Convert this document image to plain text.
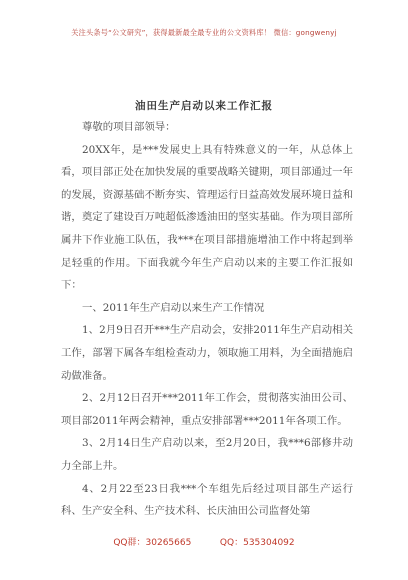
关注头条号“公文研究”，获得最新最全最专业的公文资料库！ 微信：gongwenyj
油田生产启动以来工作汇报

尊敬的项目部领导：

20XX年，是***发展史上具有特殊意义的一年，从总体上看，项目部正处在加快发展的重要战略关键期，项目部通过一年的发展，资源基础不断夯实、管理运行日益高效发展环境日益和谐，奠定了建设百万吨超低渗透油田的坚实基础。作为项目部所属井下作业施工队伍，我***在项目部措施增油工作中将起到举足轻重的作用。下面我就今年生产启动以来的主要工作汇报如下：

一、2011年生产启动以来生产工作情况

1、2月9日召开***生产启动会，安排2011年生产启动相关工作，部署下属各车组检查动力，领取施工用料，为全面措施启动做准备。

2、2月12日召开***2011年工作会，贯彻落实油田公司、项目部2011年两会精神，重点安排部署***2011年各项工作。

3、2月14日生产启动以来，至2月20日，我***6部修井动力全部上井。

4、2月22至23日我***个车组先后经过项目部生产运行科、生产安全科、生产技术科、长庆油田公司监督处第

QQ群：30265665          QQ：535304092
